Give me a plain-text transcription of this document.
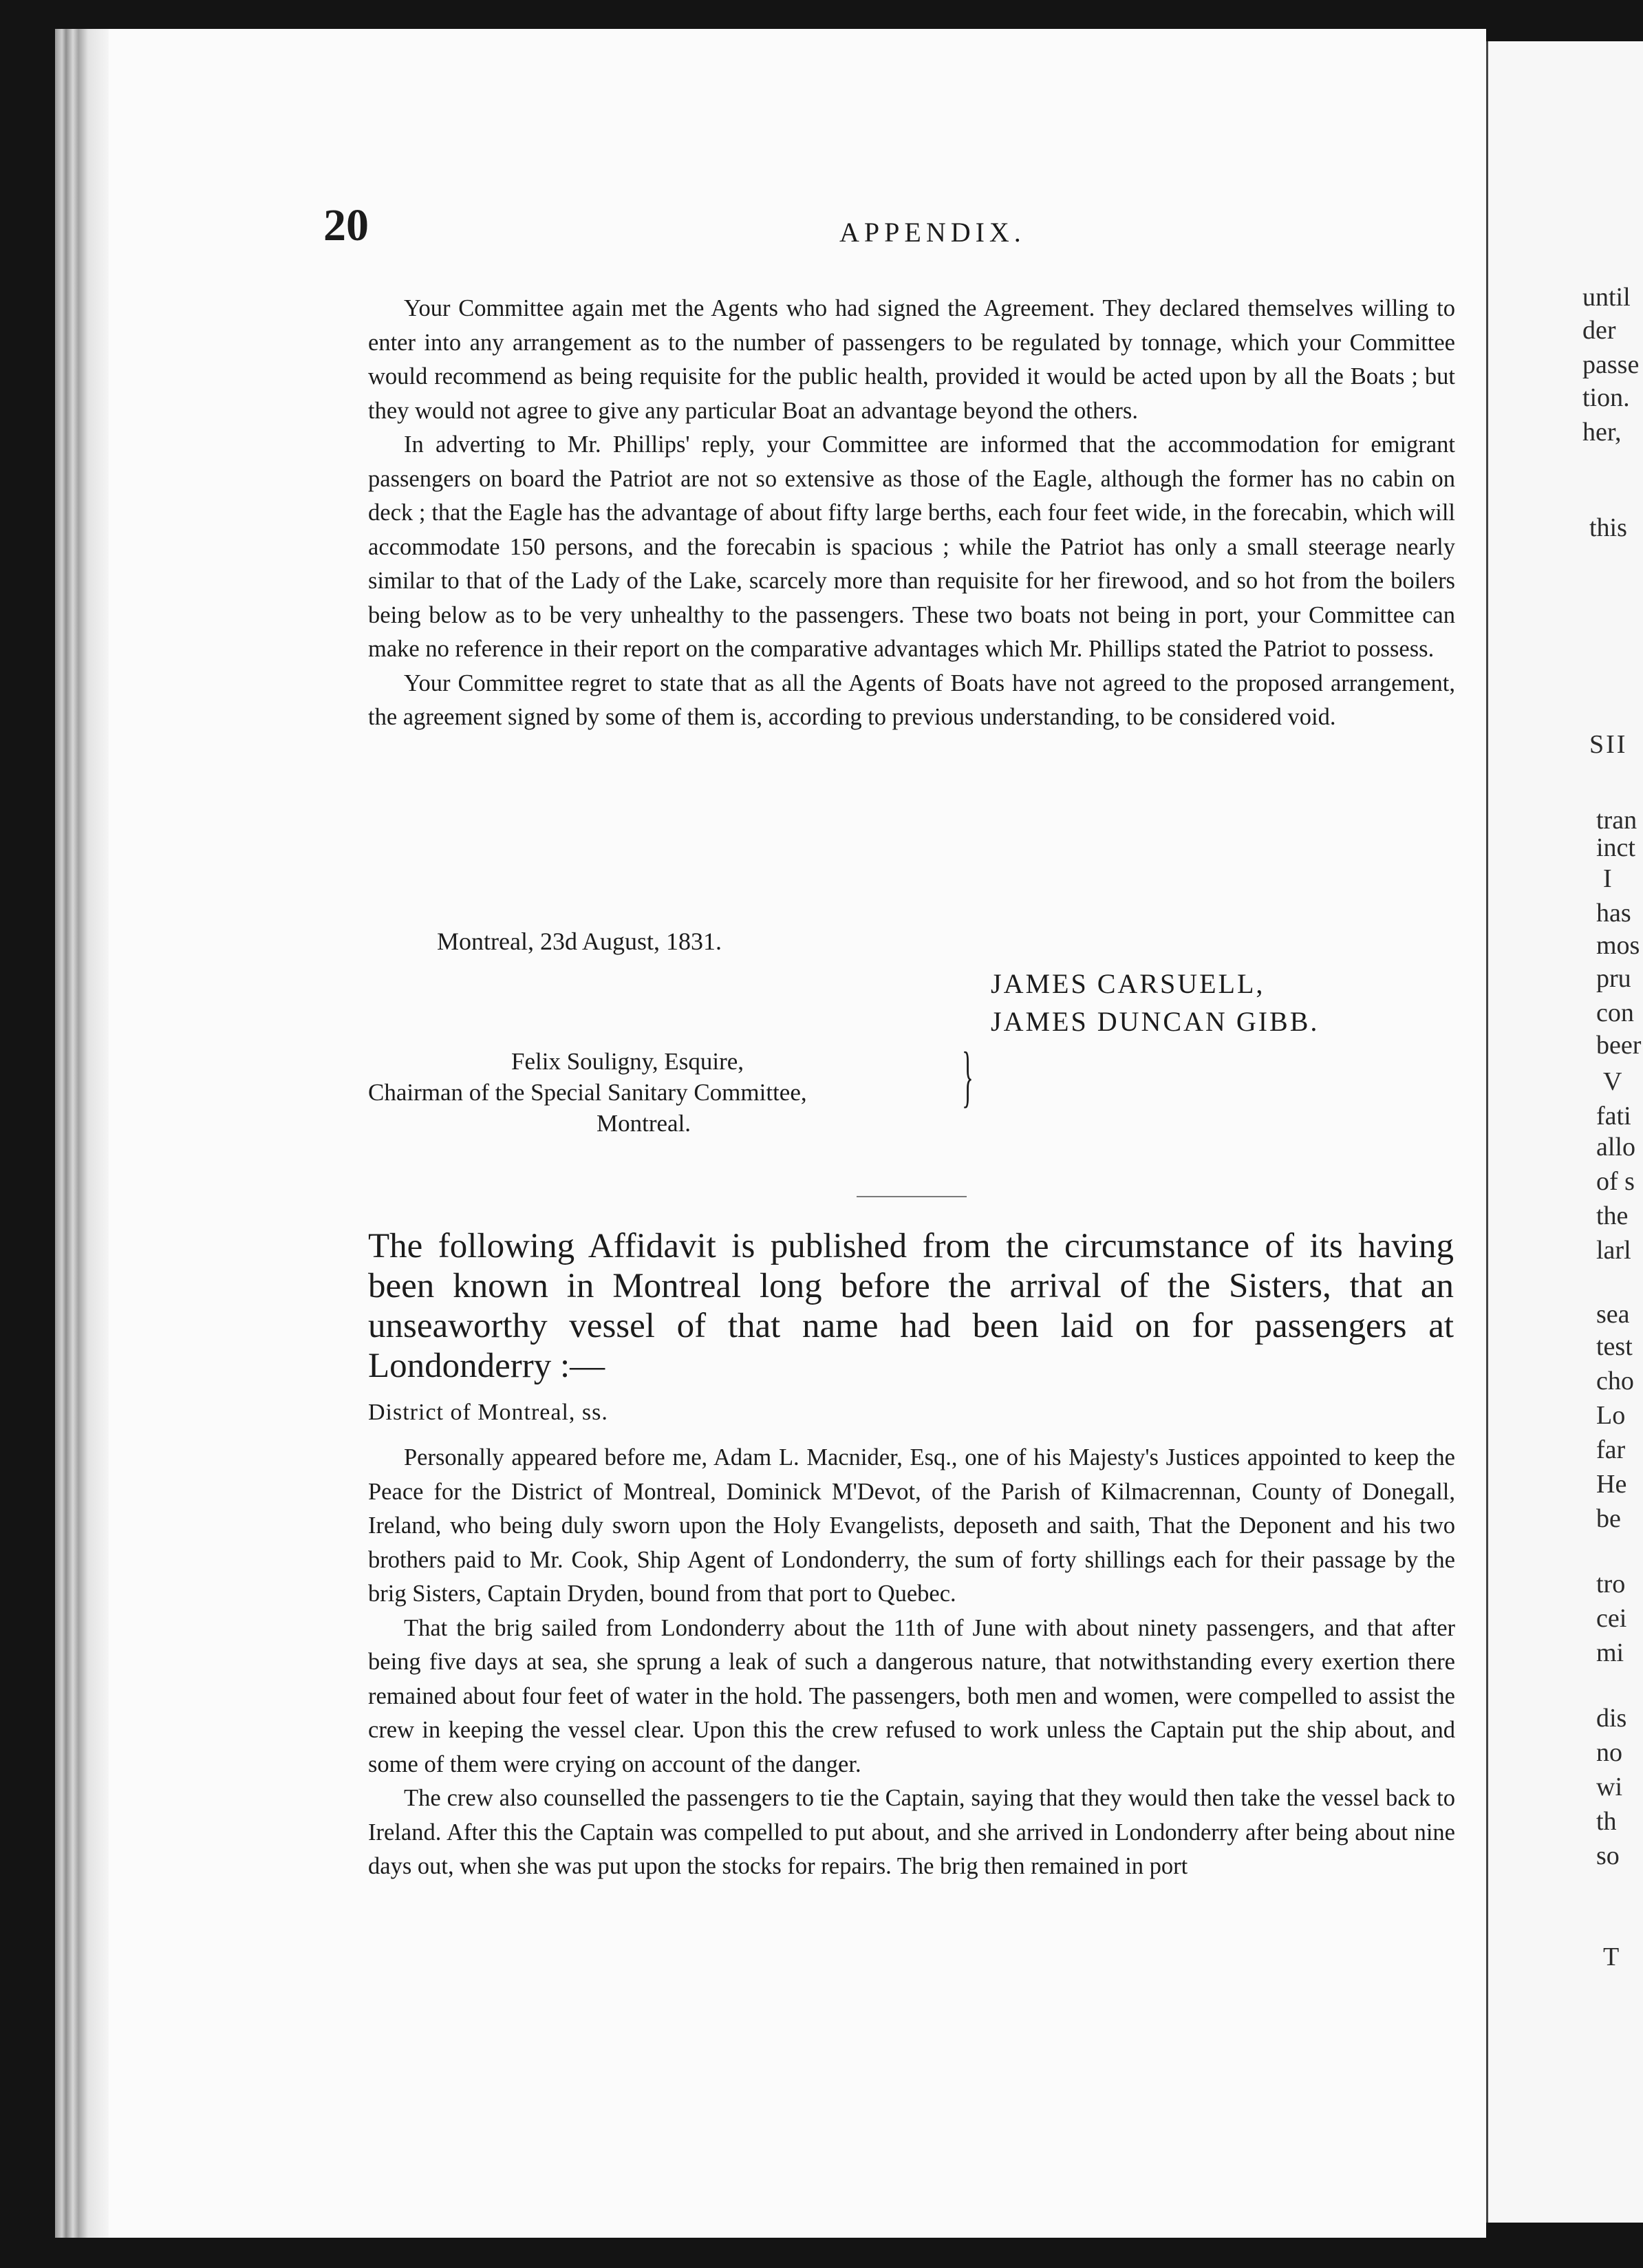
20	APPENDIX.

Your Committee again met the Agents who had signed the Agreement. They declared themselves willing to enter into any arrangement as to the number of passengers to be regulated by tonnage, which your Committee would recommend as being requisite for the public health, provided it would be acted upon by all the Boats ; but they would not agree to give any particular Boat an advantage beyond the others.

In adverting to Mr. Phillips' reply, your Committee are informed that the accommodation for emigrant passengers on board the Patriot are not so extensive as those of the Eagle, although the former has no cabin on deck ; that the Eagle has the advantage of about fifty large berths, each four feet wide, in the forecabin, which will accommodate 150 persons, and the forecabin is spacious ; while the Patriot has only a small steerage nearly similar to that of the Lady of the Lake, scarcely more than requisite for her firewood, and so hot from the boilers being below as to be very unhealthy to the passengers. These two boats not being in port, your Committee can make no reference in their report on the comparative advantages which Mr. Phillips stated the Patriot to possess.

Your Committee regret to state that as all the Agents of Boats have not agreed to the proposed arrangement, the agreement signed by some of them is, according to previous understanding, to be considered void.

Montreal, 23d August, 1831.
JAMES CARSUELL,
JAMES DUNCAN GIBB.
Felix Souligny, Esquire,
Chairman of the Special Sanitary Committee,
Montreal.
}
The following Affidavit is published from the circumstance of its having been known in Montreal long before the arrival of the Sisters, that an unseaworthy vessel of that name had been laid on for passengers at Londonderry :—
District of Montreal, ss.

Personally appeared before me, Adam L. Macnider, Esq., one of his Majesty's Justices appointed to keep the Peace for the District of Montreal, Dominick M'Devot, of the Parish of Kilmacrennan, County of Donegall, Ireland, who being duly sworn upon the Holy Evangelists, deposeth and saith, That the Deponent and his two brothers paid to Mr. Cook, Ship Agent of Londonderry, the sum of forty shillings each for their passage by the brig Sisters, Captain Dryden, bound from that port to Quebec.

That the brig sailed from Londonderry about the 11th of June with about ninety passengers, and that after being five days at sea, she sprung a leak of such a dangerous nature, that notwithstanding every exertion there remained about four feet of water in the hold. The passengers, both men and women, were compelled to assist the crew in keeping the vessel clear. Upon this the crew refused to work unless the Captain put the ship about, and some of them were crying on account of the danger.

The crew also counselled the passengers to tie the Captain, saying that they would then take the vessel back to Ireland. After this the Captain was compelled to put about, and she arrived in Londonderry after being about nine days out, when she was put upon the stocks for repairs. The brig then remained in port

until
der
passe
tion.
her,
this
SII
tran
inct
I
has
mos
pru
con
beer
V
fati
allo
of s
the
larl
sea
test
cho
Lo
far
He
be
tro
cei
mi
dis
no
wi
th
so
T
